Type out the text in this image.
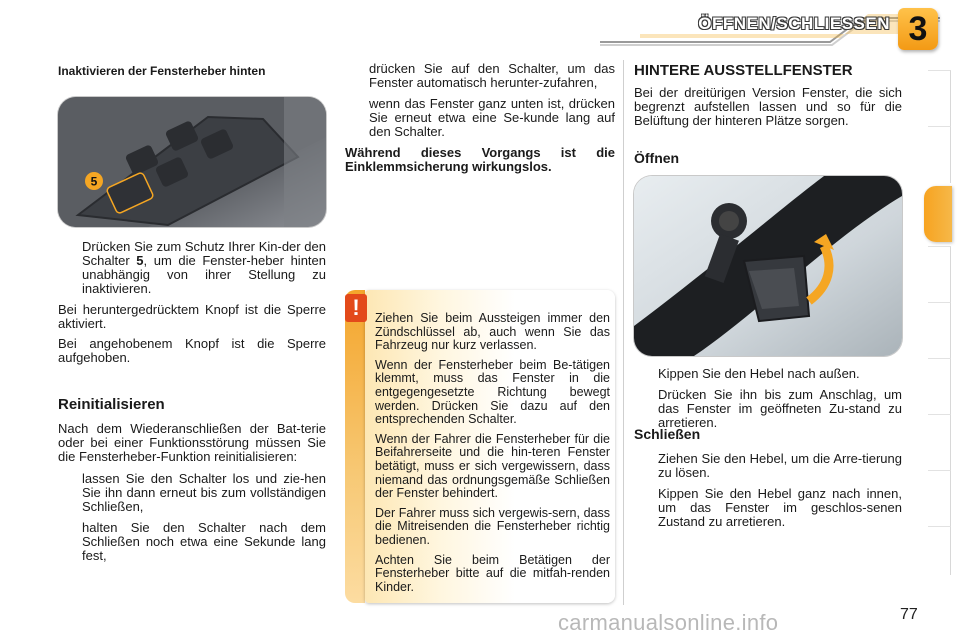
ÖFFNEN/SCHLIESSEN 3
Inaktivieren der Fensterheber hinten
5
Drücken Sie zum Schutz Ihrer Kin-der den Schalter 5, um die Fenster-heber hinten unabhängig von ihrer Stellung zu inaktivieren.

Bei heruntergedrücktem Knopf ist die Sperre aktiviert.

Bei angehobenem Knopf ist die Sperre aufgehoben.

Reinitialisieren

Nach dem Wiederanschließen der Bat-terie oder bei einer Funktionsstörung müssen Sie die Fensterheber-Funktion reinitialisieren:

lassen Sie den Schalter los und zie-hen Sie ihn dann erneut bis zum vollständigen Schließen,
halten Sie den Schalter nach dem Schließen noch etwa eine Sekunde lang fest,
drücken Sie auf den Schalter, um das Fenster automatisch herunter-zufahren,
wenn das Fenster ganz unten ist, drücken Sie erneut etwa eine Se-kunde lang auf den Schalter.

Während dieses Vorgangs ist die Einklemmsicherung wirkungslos.

!	Ziehen Sie beim Aussteigen immer den Zündschlüssel ab, auch wenn Sie das Fahrzeug nur kurz verlassen.

Wenn der Fensterheber beim Be-tätigen klemmt, muss das Fenster in die entgegengesetzte Richtung bewegt werden. Drücken Sie dazu auf den entsprechenden Schalter.

Wenn der Fahrer die Fensterheber für die Beifahrerseite und die hin-teren Fenster betätigt, muss er sich vergewissern, dass niemand das ordnungsgemäße Schließen der Fenster behindert.

Der Fahrer muss sich vergewis-sern, dass die Mitreisenden die Fensterheber richtig bedienen.

Achten Sie beim Betätigen der Fensterheber bitte auf die mitfah-renden Kinder.

HINTERE AUSSTELLFENSTER

Bei der dreitürigen Version Fenster, die sich begrenzt aufstellen lassen und so für die Belüftung der hinteren Plätze sorgen.

Öffnen
Kippen Sie den Hebel nach außen.
Drücken Sie ihn bis zum Anschlag, um das Fenster im geöffneten Zu-stand zu arretieren.
Schließen
Ziehen Sie den Hebel, um die Arre-tierung zu lösen.
Kippen Sie den Hebel ganz nach innen, um das Fenster im geschlos-senen Zustand zu arretieren.
carmanualsonline.info	77
